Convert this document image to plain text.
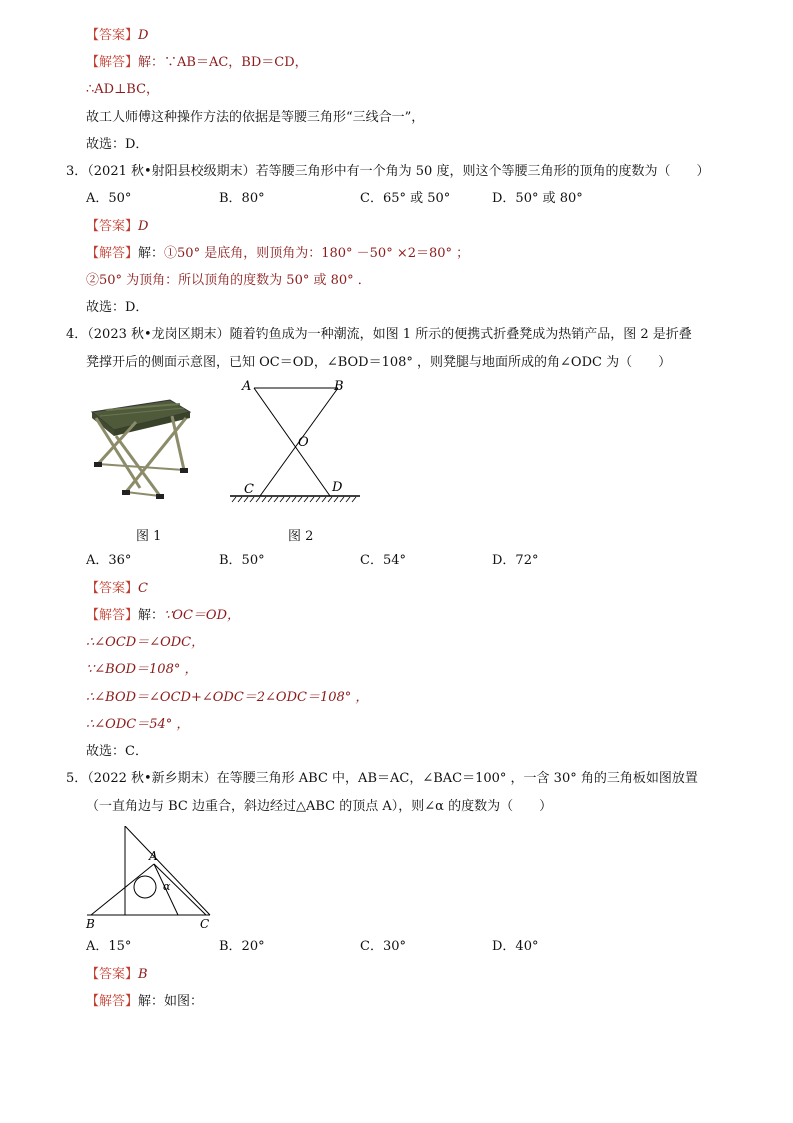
【答案】D
【解答】解：∵AB＝AC，BD＝CD，
∴AD⊥BC，
故工人师傅这种操作方法的依据是等腰三角形“三线合一”，
故选：D．
3．（2021 秋•射阳县校级期末）若等腰三角形中有一个角为 50 度，则这个等腰三角形的顶角的度数为（　　）
A．50°	B．80°	C．65° 或 50°	D．50° 或 80°
【答案】D
【解答】解：①50° 是底角，则顶角为：180° －50° ×2＝80° ；
②50° 为顶角：所以顶角的度数为 50° 或 80° ．
故选：D．
4．（2023 秋•龙岗区期末）随着钓鱼成为一种潮流，如图 1 所示的便携式折叠凳成为热销产品，图 2 是折叠
凳撑开后的侧面示意图，已知 OC＝OD，∠BOD＝108° ，则凳腿与地面所成的角∠ODC 为（　　）
A	B
O
C	D
图 1	图 2
A．36°	B．50°	C．54°	D．72°
【答案】C
【解答】解：∵OC＝OD，
∴∠OCD＝∠ODC，
∵∠BOD＝108° ，
∴∠BOD＝∠OCD+∠ODC＝2∠ODC＝108° ，
∴∠ODC＝54° ，
故选：C．
5．（2022 秋•新乡期末）在等腰三角形 ABC 中，AB＝AC，∠BAC＝100° ，一含 30° 角的三角板如图放置
（一直角边与 BC 边重合，斜边经过△ABC 的顶点 A），则∠α 的度数为（　　）
A
B	C
α
A．15°	B．20°	C．30°	D．40°
【答案】B
【解答】解：如图：
